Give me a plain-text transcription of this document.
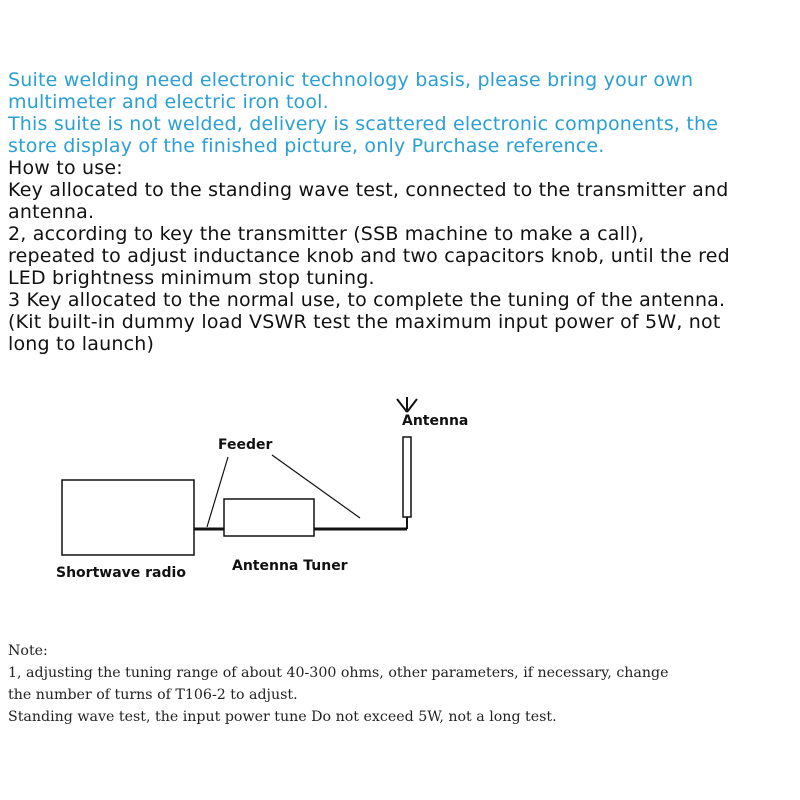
Suite welding need electronic technology basis, please bring your own

multimeter and electric iron tool.

This suite is not welded, delivery is scattered electronic components, the

store display of the finished picture, only Purchase reference.

How to use:

Key allocated to the standing wave test, connected to the transmitter and

antenna.

2, according to key the transmitter (SSB machine to make a call),

repeated to adjust inductance knob and two capacitors knob, until the red

LED brightness minimum stop tuning.

3 Key allocated to the normal use, to complete the tuning of the antenna.

(Kit built-in dummy load VSWR test the maximum input power of 5W, not

long to launch)

Antenna
Feeder
Shortwave radio	Antenna Tuner

Note:

1, adjusting the tuning range of about 40-300 ohms, other parameters, if necessary, change

the number of turns of T106-2 to adjust.

Standing wave test, the input power tune Do not exceed 5W, not a long test.
